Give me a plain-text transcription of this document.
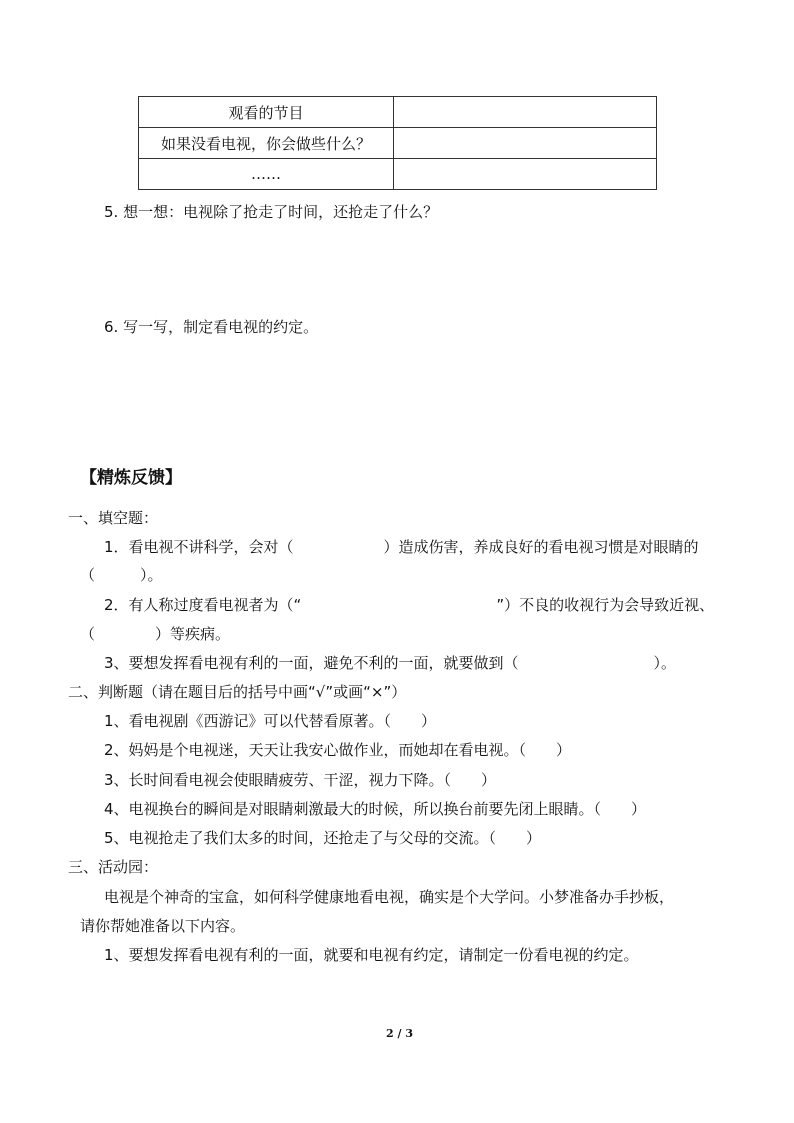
观看的节目	
如果没看电视，你会做些什么？	
……	
5. 想一想：电视除了抢走了时间，还抢走了什么？
6. 写一写，制定看电视的约定。
【精炼反馈】
一、填空题：
1．看电视不讲科学，会对（　　　　　　）造成伤害，养成良好的看电视习惯是对眼睛的
（　　　）。
2．有人称过度看电视者为（“　　　　　　　　　　　　　”）不良的收视行为会导致近视、
（　　　　）等疾病。
3、要想发挥看电视有利的一面，避免不利的一面，就要做到（　　　　　　　　　）。
二、判断题（请在题目后的括号中画“√”或画“×”）
1、看电视剧《西游记》可以代替看原著。（　　）
2、妈妈是个电视迷，天天让我安心做作业，而她却在看电视。（　　）
3、长时间看电视会使眼睛疲劳、干涩，视力下降。（　　）
4、电视换台的瞬间是对眼睛刺激最大的时候，所以换台前要先闭上眼睛。（　　）
5、电视抢走了我们太多的时间，还抢走了与父母的交流。（　　）
三、活动园：
电视是个神奇的宝盒，如何科学健康地看电视，确实是个大学问。小梦准备办手抄板，
请你帮她准备以下内容。
1、要想发挥看电视有利的一面，就要和电视有约定，请制定一份看电视的约定。
2 / 3
